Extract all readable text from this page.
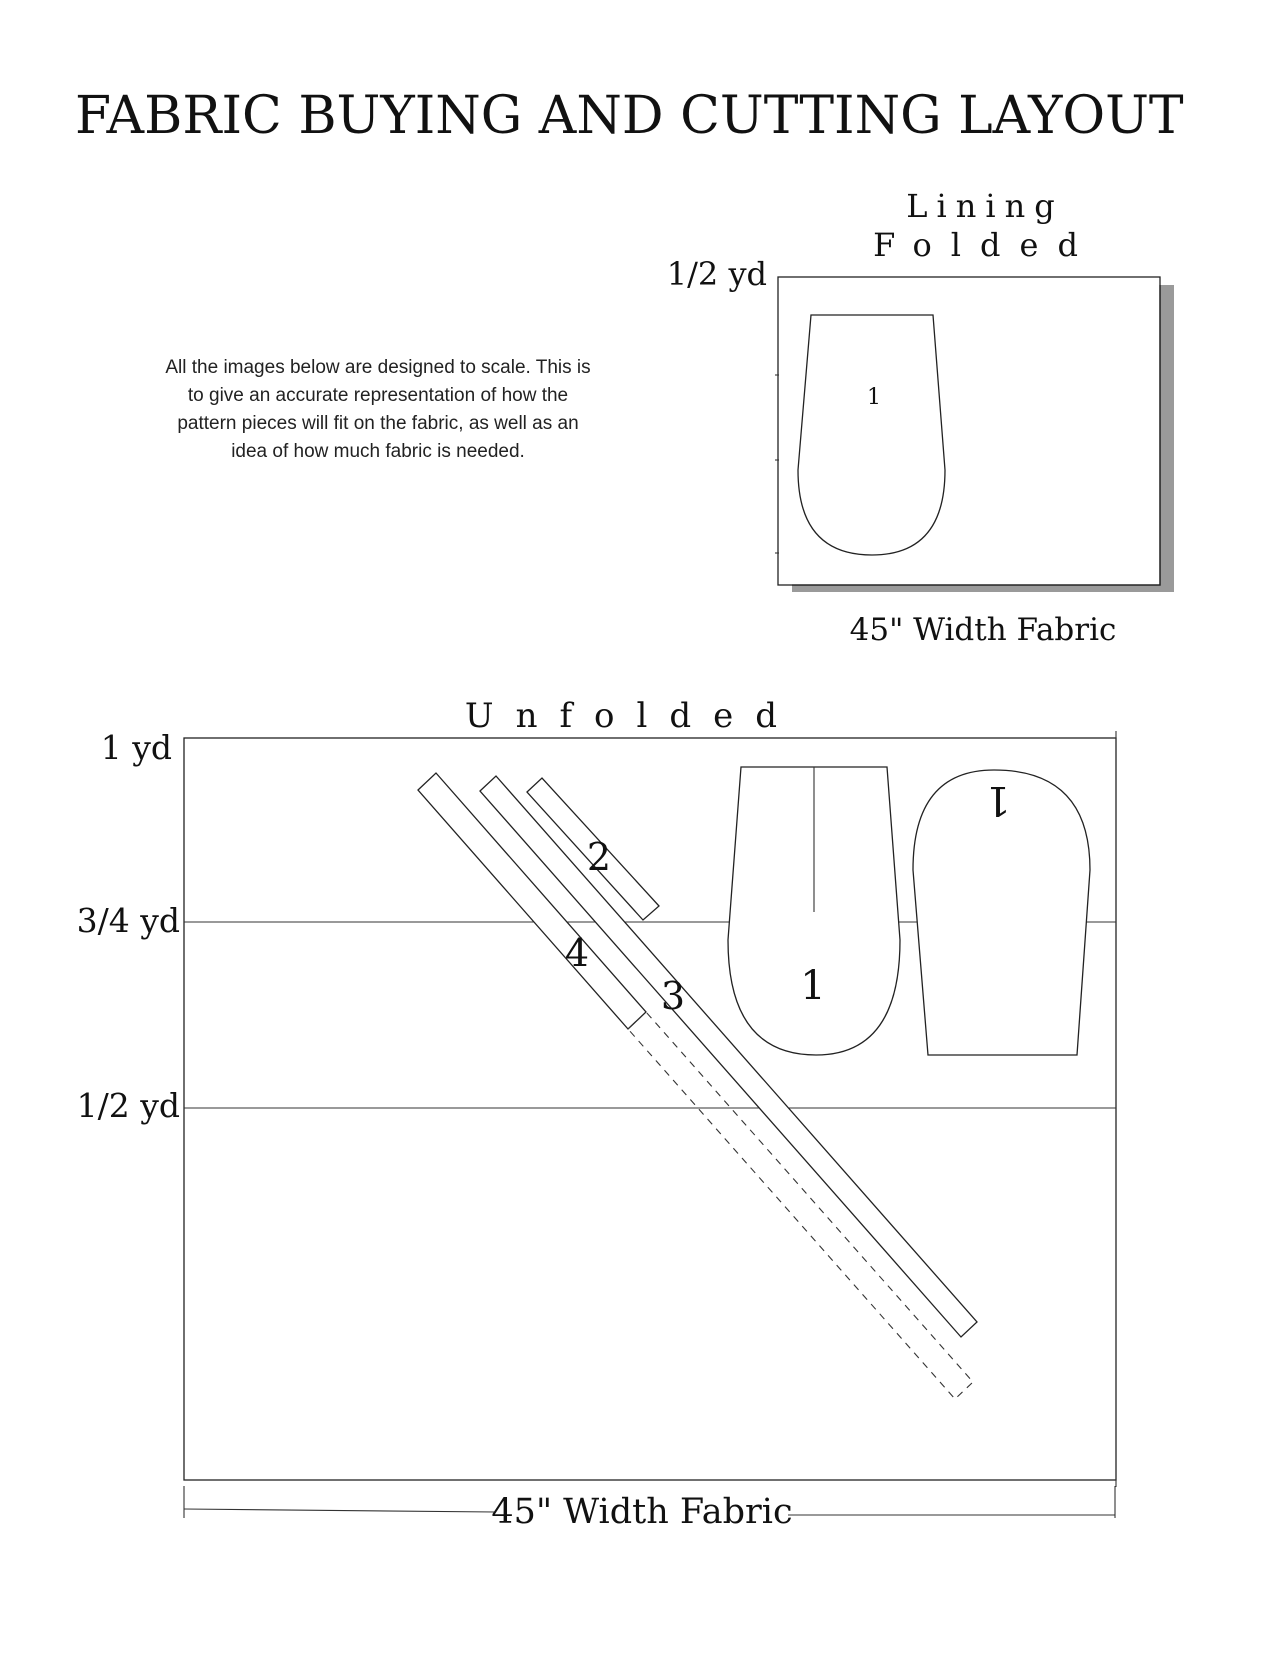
FABRIC BUYING AND CUTTING LAYOUT
All the images below are designed to scale. This is
to give an accurate representation of how the
pattern pieces will fit on the fabric, as well as an
idea of how much fabric is needed.
Lining
Folded
1/2 yd
1
45" Width Fabric
Unfolded
1 yd
3/4 yd
1/2 yd
1
1
2
3
4
45" Width Fabric
